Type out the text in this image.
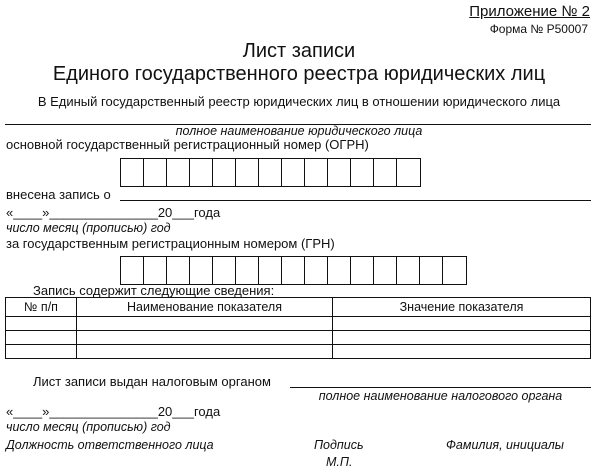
Приложение № 2
Форма № Р50007
Лист записи
Единого государственного реестра юридических лиц
В Единый государственный реестр юридических лиц в отношении юридического лица
полное наименование юридического лица
основной государственный регистрационный номер (ОГРН)
внесена запись о
«____»_______________20___года
число месяц (прописью) год
за государственным регистрационным номером (ГРН)
Запись содержит следующие сведения:
№ п/п	Наименование показателя	Значение показателя

Лист записи выдан налоговым органом
полное наименование налогового органа
«____»_______________20___года
число месяц (прописью) год
Должность ответственного лица	Подпись
М.П.
Фамилия, инициалы
